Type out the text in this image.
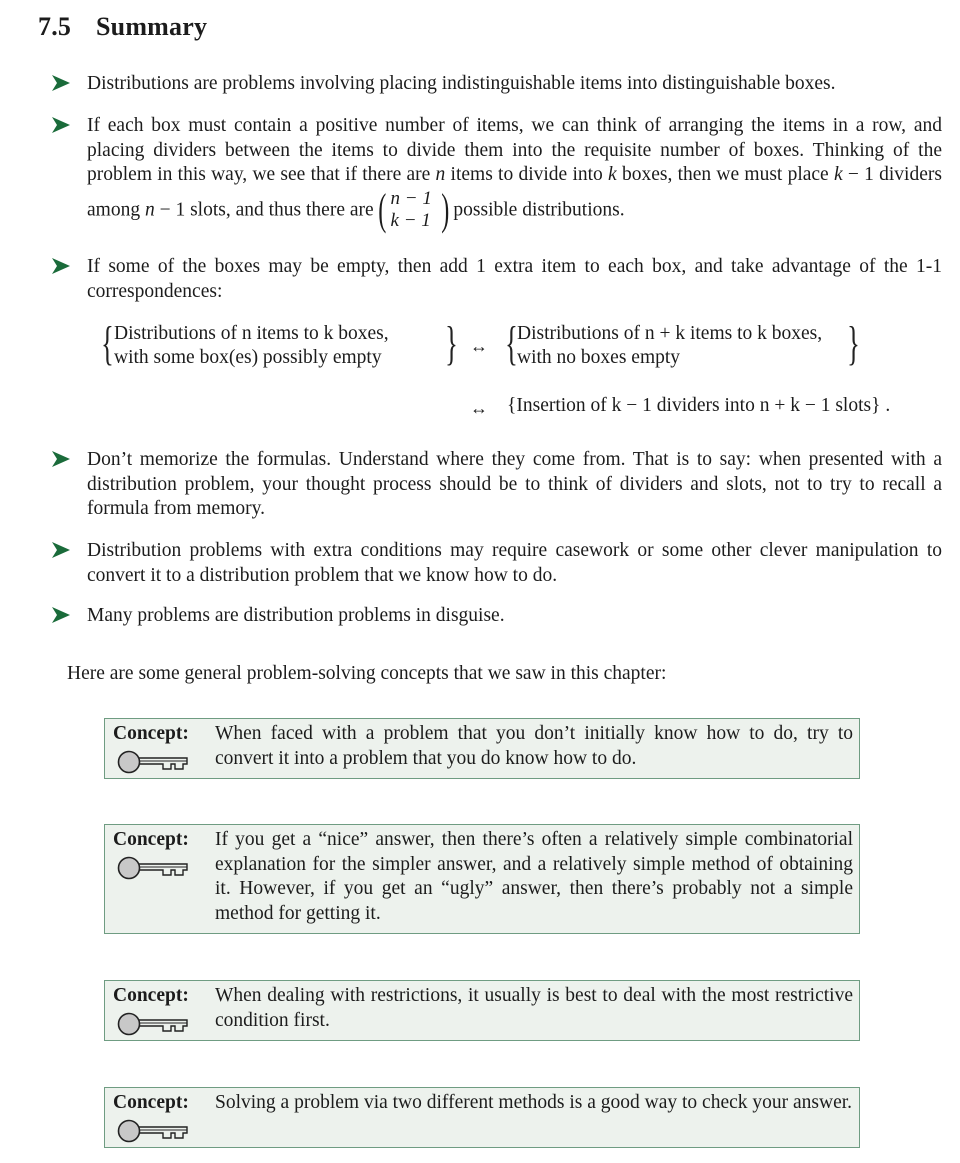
7.5 Summary
Distributions are problems involving placing indistinguishable items into distinguishable boxes.
If each box must contain a positive number of items, we can think of arranging the items in a row, and placing dividers between the items to divide them into the requisite number of boxes. Thinking of the problem in this way, we see that if there are n items to divide into k boxes, then we must place k − 1 dividers among n − 1 slots, and thus there are ( n − 1
k − 1 ) possible distributions.
If some of the boxes may be empty, then add 1 extra item to each box, and take advantage of the 1-1 correspondences:
{ Distributions of n items to k boxes,
with some box(es) possibly empty } ↔ { Distributions of n + k items to k boxes,
with no boxes empty	}
↔ {Insertion of k − 1 dividers into n + k − 1 slots} .
Don’t memorize the formulas. Understand where they come from. That is to say: when presented with a distribution problem, your thought process should be to think of dividers and slots, not to try to recall a formula from memory.
Distribution problems with extra conditions may require casework or some other clever manipulation to convert it to a distribution problem that we know how to do.
Many problems are distribution problems in disguise.
Here are some general problem-solving concepts that we saw in this chapter:
Concept: When faced with a problem that you don’t initially know how to do, try to convert it into a problem that you do know how to do.
Concept: If you get a “nice” answer, then there’s often a relatively simple combinatorial explanation for the simpler answer, and a relatively simple method of obtaining it. However, if you get an “ugly” answer, then there’s probably not a simple method for getting it.
Concept: When dealing with restrictions, it usually is best to deal with the most restrictive condition first.
Concept: Solving a problem via two different methods is a good way to check your answer.
